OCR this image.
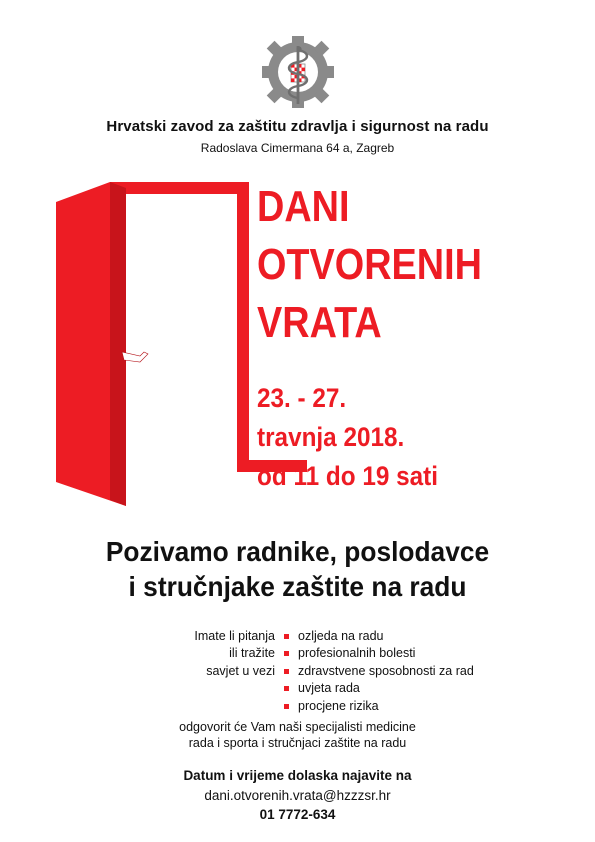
Hrvatski zavod za zaštitu zdravlja i sigurnost na radu
Radoslava Cimermana 64 a, Zagreb
DANI
OTVORENIH
VRATA
23. - 27.
travnja 2018.
od 11 do 19 sati
Pozivamo radnike, poslodavce
i stručnjake zaštite na radu
Imate li pitanja
ili tražite
savjet u vezi
ozljeda na radu
profesionalnih bolesti
zdravstvene sposobnosti za rad
uvjeta rada
procjene rizika
odgovorit će Vam naši specijalisti medicine
rada i sporta i stručnjaci zaštite na radu
Datum i vrijeme dolaska najavite na
dani.otvorenih.vrata@hzzzsr.hr
01 7772-634
